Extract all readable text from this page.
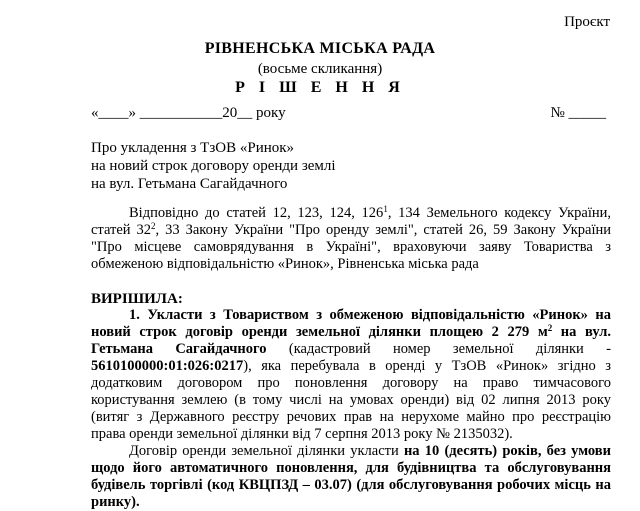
Проєкт
РІВНЕНСЬКА МІСЬКА РАДА
(восьме скликання)
Р І Ш Е Н Н Я
«____» ___________20__ року	№ _____
Про укладення з ТзОВ «Ринок»
на новий строк договору оренди землі
на вул. Гетьмана Сагайдачного

Відповідно до статей 12, 123, 124, $126^1$, 134 Земельного кодексу України, статей $32^2$, 33 Закону України "Про оренду землі", статей 26, 59 Закону України "Про місцеве самоврядування в Україні", враховуючи заяву Товариства з обмеженою відповідальністю «Ринок», Рівненська міська рада

ВИРІШИЛА:

1. Укласти з Товариством з обмеженою відповідальністю «Ринок» на новий строк договір оренди земельної ділянки площею 2 279 $м^2$ на вул. Гетьмана Сагайдачного (кадастровий номер земельної ділянки - 5610100000:01:026:0217), яка перебувала в оренді у ТзОВ «Ринок» згідно з додатковим договором про поновлення договору на право тимчасового користування землею (в тому числі на умовах оренди) від 02 липня 2013 року (витяг з Державного реєстру речових прав на нерухоме майно про реєстрацію права оренди земельної ділянки від 7 серпня 2013 року № 2135032).

Договір оренди земельної ділянки укласти на 10 (десять) років, без умови щодо його автоматичного поновлення, для будівництва та обслуговування будівель торгівлі (код КВЦПЗД – 03.07) (для обслуговування робочих місць на ринку).
